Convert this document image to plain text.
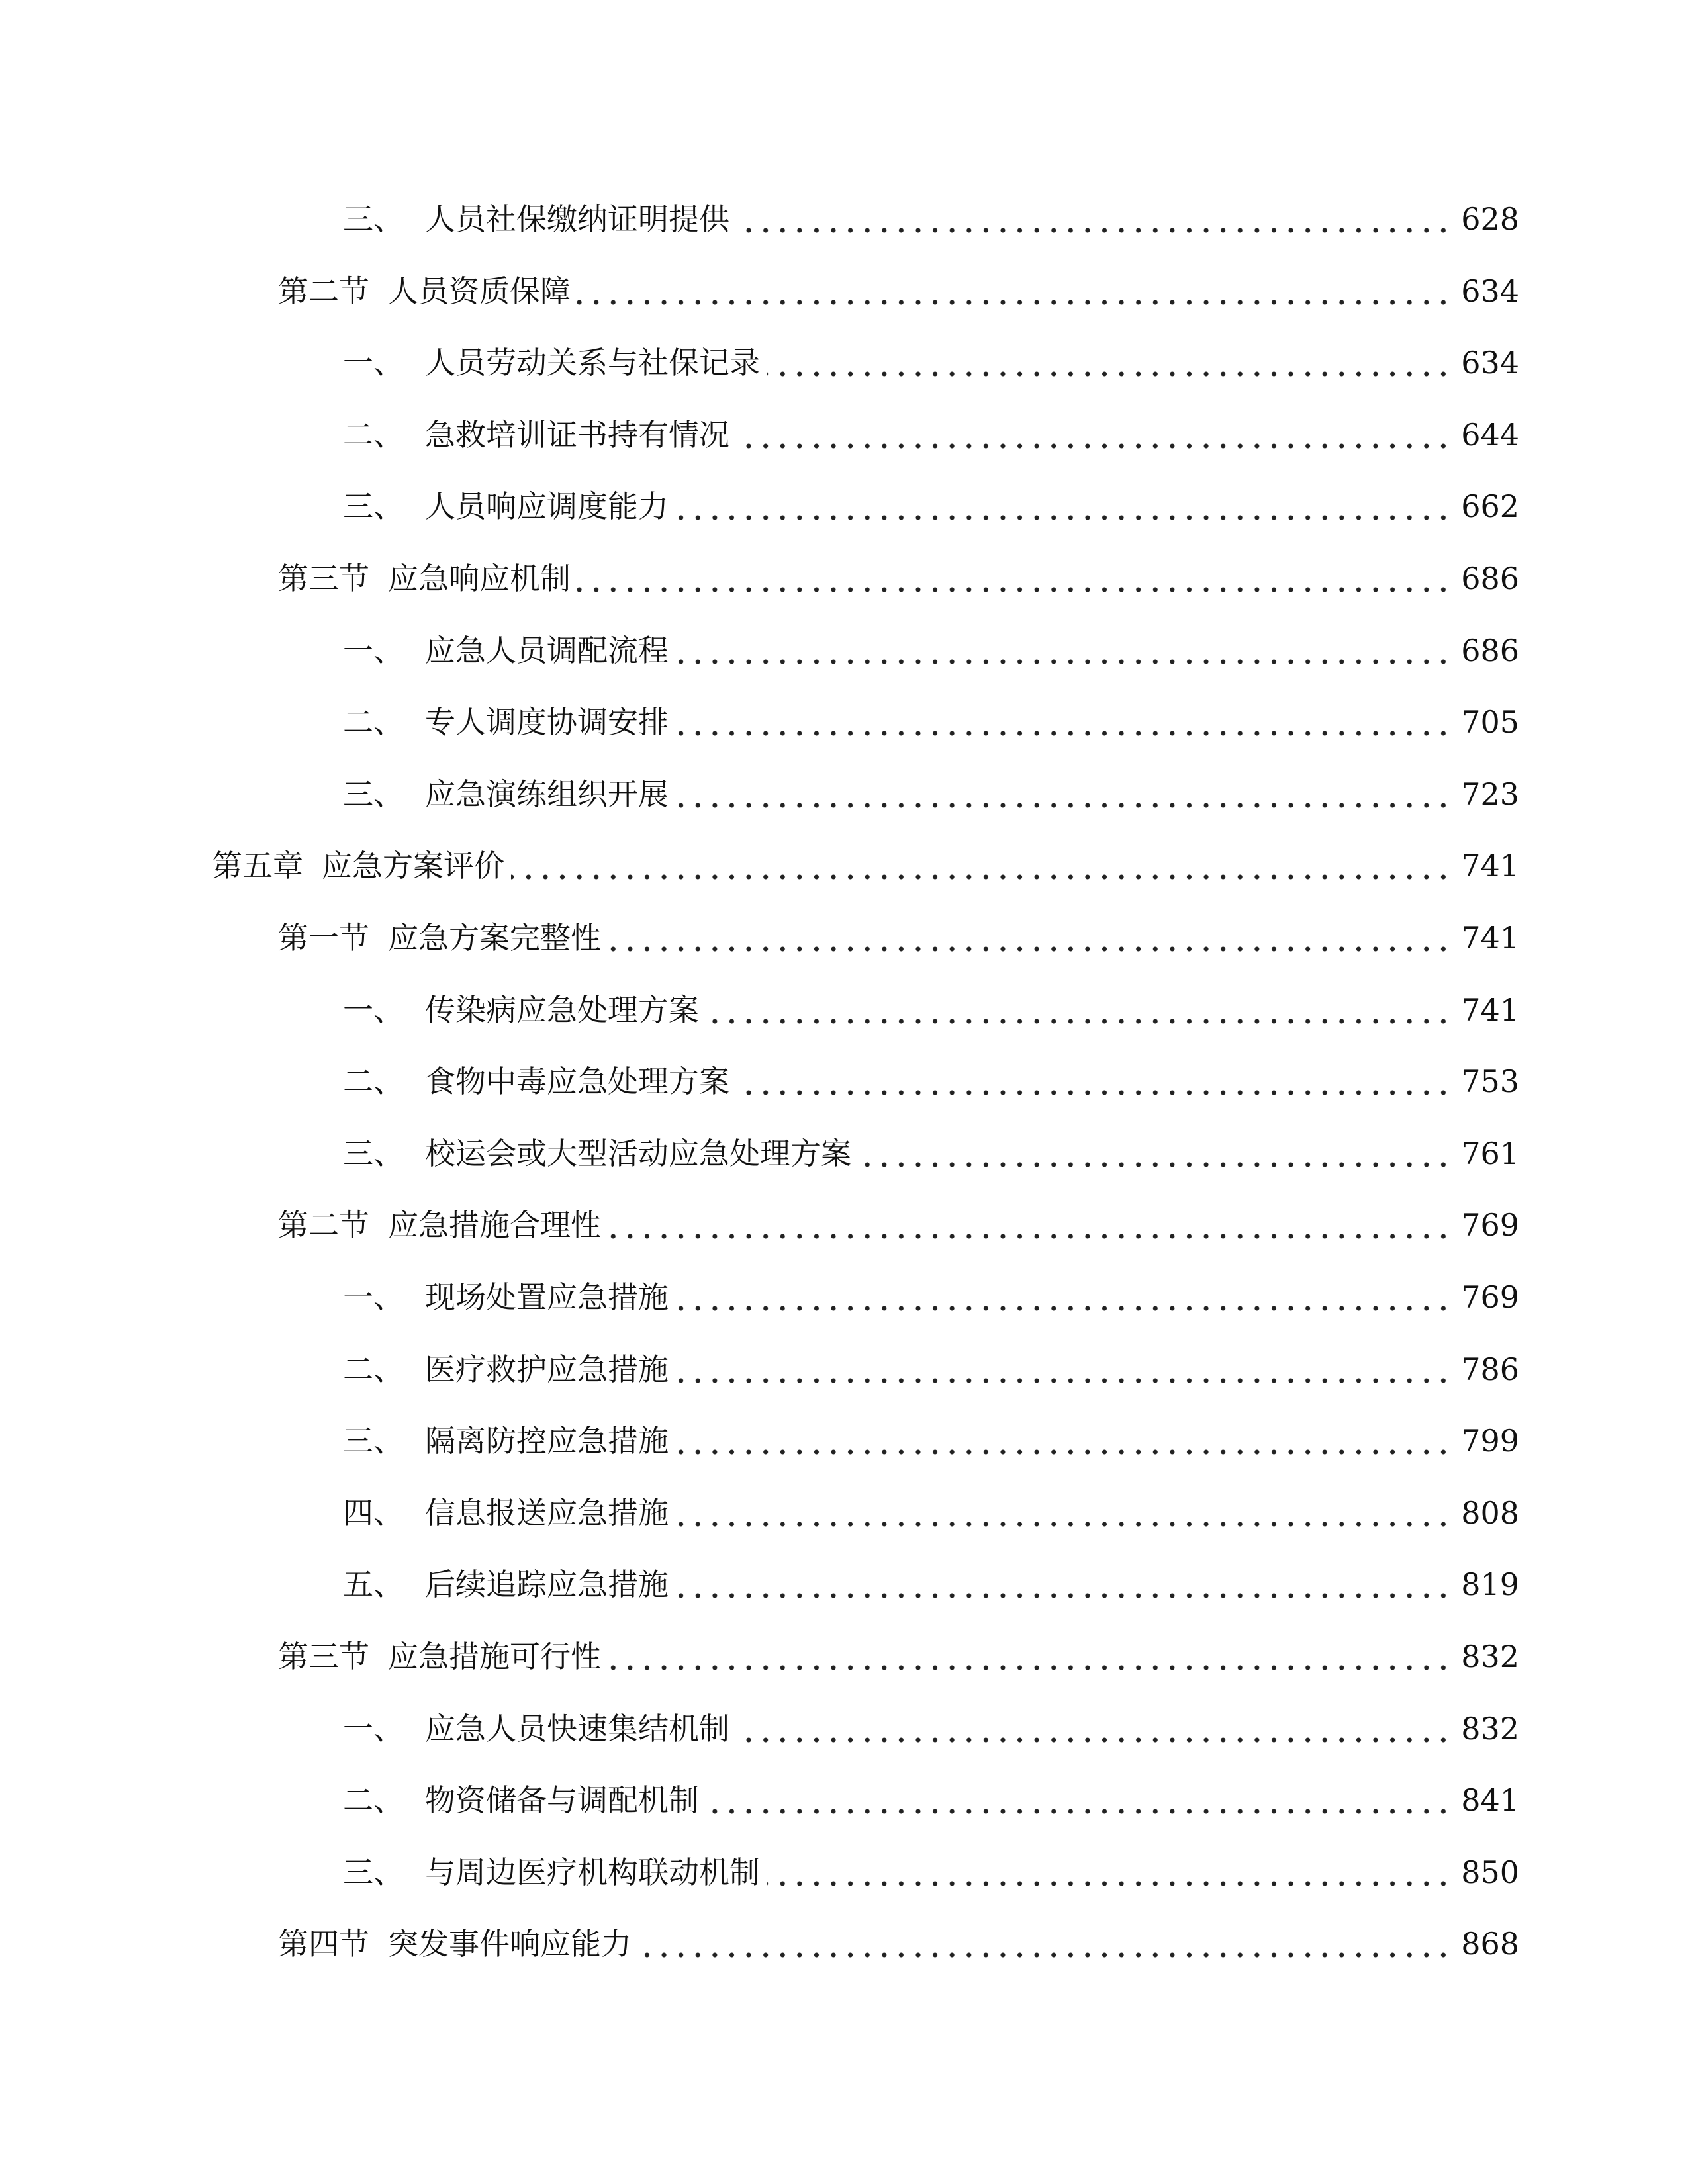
三、 人员社保缴纳证明提供	628
第二节 人员资质保障	634
一、 人员劳动关系与社保记录	634
二、 急救培训证书持有情况	644
三、 人员响应调度能力	662
第三节 应急响应机制	686
一、 应急人员调配流程	686
二、 专人调度协调安排	705
三、 应急演练组织开展	723
第五章 应急方案评价	741
第一节 应急方案完整性	741
一、 传染病应急处理方案	741
二、 食物中毒应急处理方案	753
三、 校运会或大型活动应急处理方案	761
第二节 应急措施合理性	769
一、 现场处置应急措施	769
二、 医疗救护应急措施	786
三、 隔离防控应急措施	799
四、 信息报送应急措施	808
五、 后续追踪应急措施	819
第三节 应急措施可行性	832
一、 应急人员快速集结机制	832
二、 物资储备与调配机制	841
三、 与周边医疗机构联动机制	850
第四节 突发事件响应能力	868
